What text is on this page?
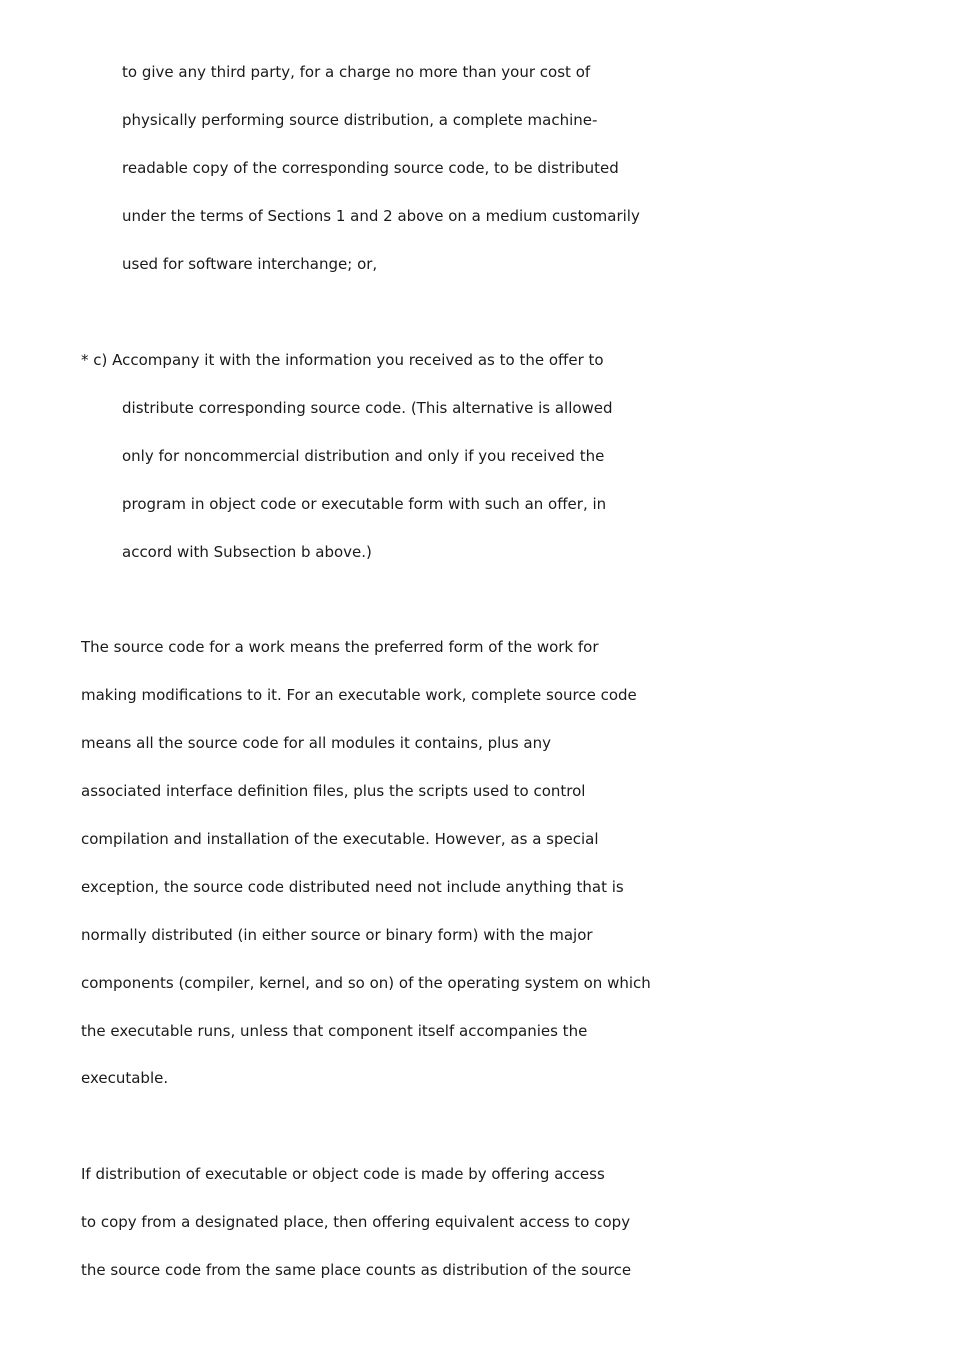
to give any third party, for a charge no more than your cost of
physically performing source distribution, a complete machine-
readable copy of the corresponding source code, to be distributed
under the terms of Sections 1 and 2 above on a medium customarily
used for software interchange; or,
* c) Accompany it with the information you received as to the offer to
distribute corresponding source code. (This alternative is allowed
only for noncommercial distribution and only if you received the
program in object code or executable form with such an offer, in
accord with Subsection b above.)
The source code for a work means the preferred form of the work for
making modifications to it. For an executable work, complete source code
means all the source code for all modules it contains, plus any
associated interface definition files, plus the scripts used to control
compilation and installation of the executable. However, as a special
exception, the source code distributed need not include anything that is
normally distributed (in either source or binary form) with the major
components (compiler, kernel, and so on) of the operating system on which
the executable runs, unless that component itself accompanies the
executable.
If distribution of executable or object code is made by offering access
to copy from a designated place, then offering equivalent access to copy
the source code from the same place counts as distribution of the source
